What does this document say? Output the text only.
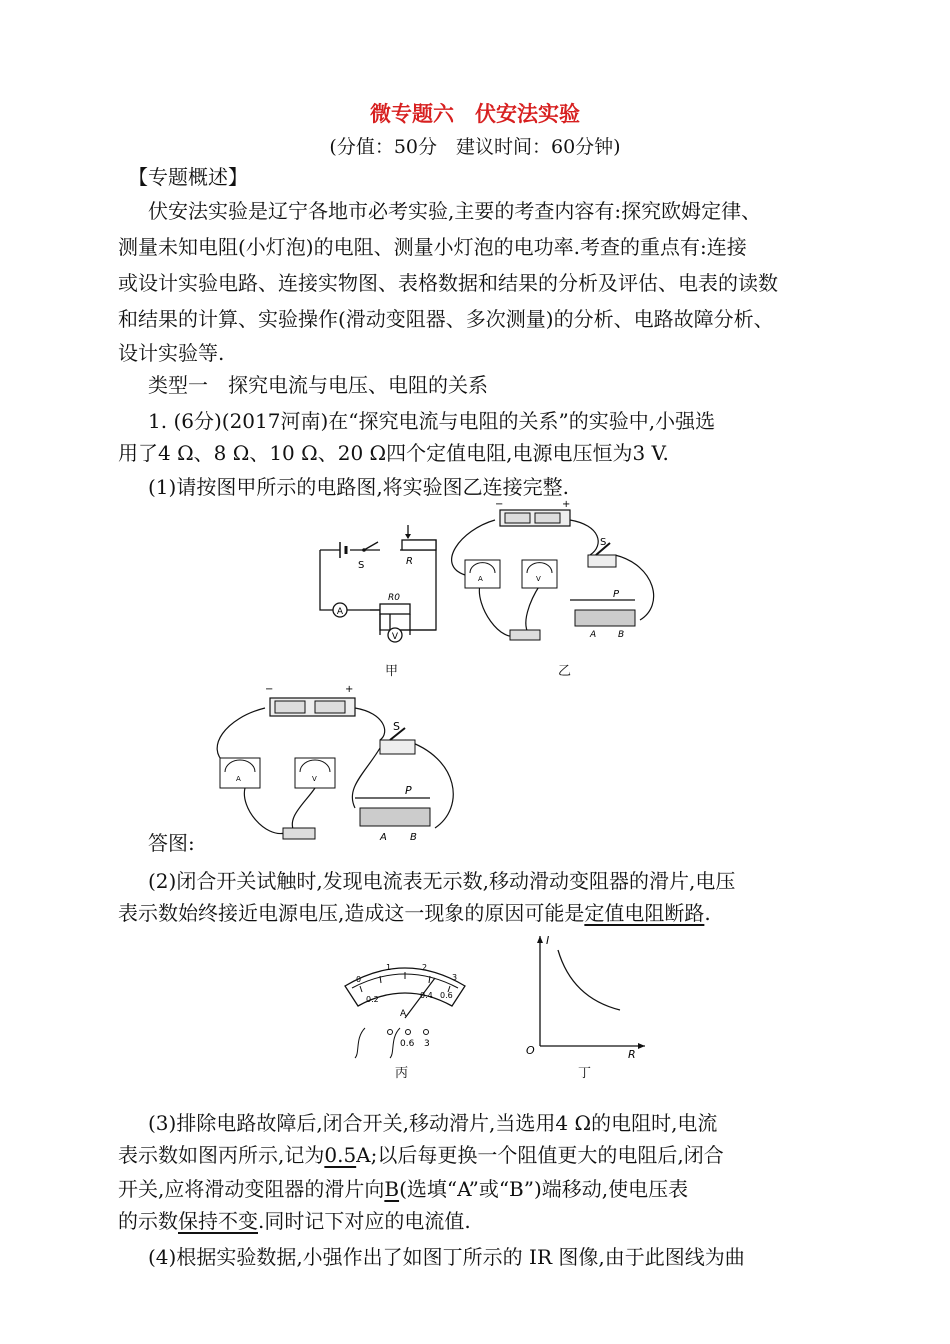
微专题六　伏安法实验
(分值：50分　建议时间：60分钟)
【专题概述】
伏安法实验是辽宁各地市必考实验,主要的考查内容有:探究欧姆定律、
测量未知电阻(小灯泡)的电阻、测量小灯泡的电功率.考查的重点有:连接
或设计实验电路、连接实物图、表格数据和结果的分析及评估、电表的读数
和结果的计算、实验操作(滑动变阻器、多次测量)的分析、电路故障分析、
设计实验等.
类型一　探究电流与电压、电阻的关系
1. (6分)(2017河南)在“探究电流与电阻的关系”的实验中,小强选
用了4 Ω、8 Ω、10 Ω、20 Ω四个定值电阻,电源电压恒为3 V.
(1)请按图甲所示的电路图,将实验图乙连接完整.
A
V
S	R
R0
甲
−	+
S
A	V
P
A B
乙
−	+
S
A	V
P
A B
答图:
(2)闭合开关试触时,发现电流表无示数,移动滑动变阻器的滑片,电压
表示数始终接近电源电压,造成这一现象的原因可能是定值电阻断路.
0
1	2
3
0.2	0.4 0.6
A
0.6 3
丙
I
R
O
丁
(3)排除电路故障后,闭合开关,移动滑片,当选用4 Ω的电阻时,电流
表示数如图丙所示,记为0.5A;以后每更换一个阻值更大的电阻后,闭合
开关,应将滑动变阻器的滑片向B(选填“A”或“B”)端移动,使电压表
的示数保持不变.同时记下对应的电流值.
(4)根据实验数据,小强作出了如图丁所示的 IR 图像,由于此图线为曲
